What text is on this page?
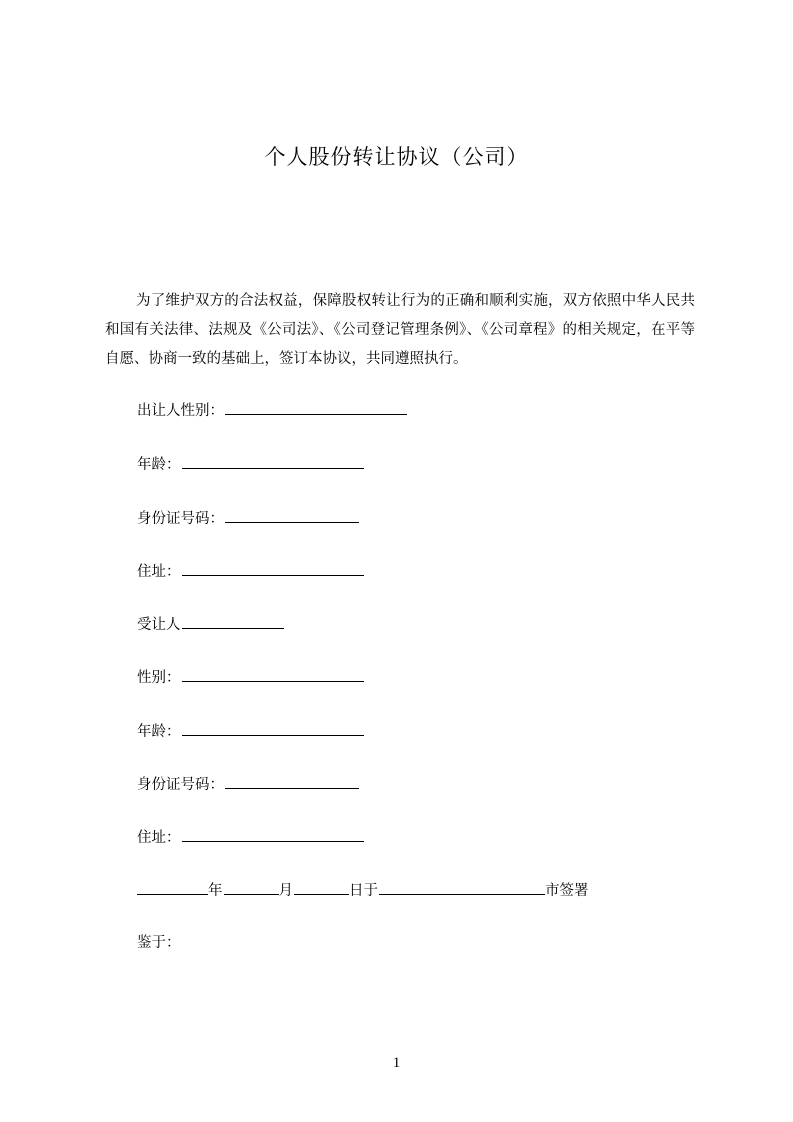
个人股份转让协议（公司）
为了维护双方的合法权益，保障股权转让行为的正确和顺利实施，双方依照中华人民共和国有关法律、法规及《公司法》、《公司登记管理条例》、《公司章程》的相关规定，在平等自愿、协商一致的基础上，签订本协议，共同遵照执行。
出让人性别：
年龄：
身份证号码：
住址：
受让人
性别：
年龄：
身份证号码：
住址：
年	月	日于	市签署
鉴于：
1
